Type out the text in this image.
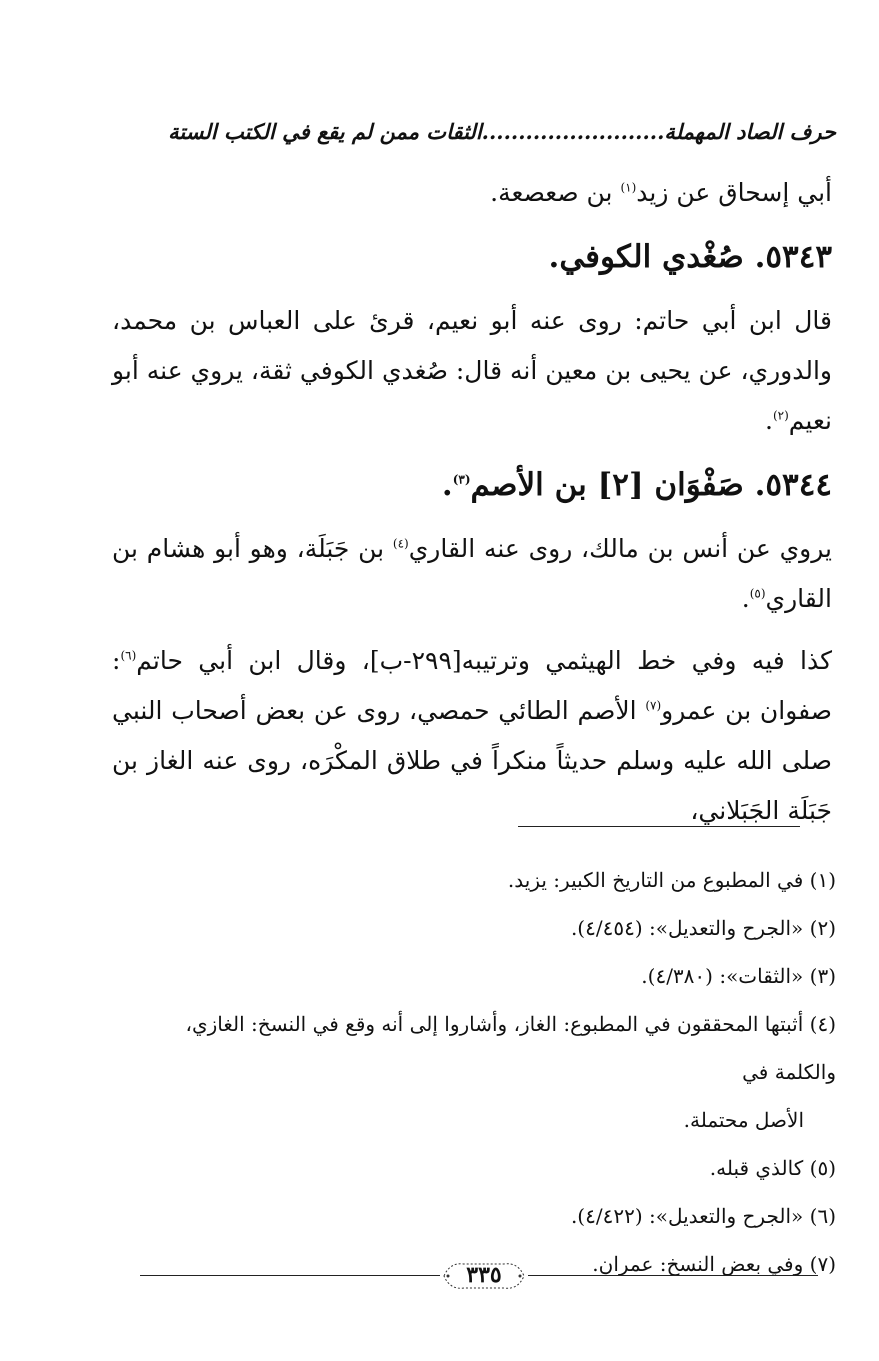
حرف الصاد المهملة.........................الثقات ممن لم يقع في الكتب الستة

أبي إسحاق عن زيد$^{(١)}$ بن صعصعة.

٥٣٤٣. صُغْدي الكوفي.

قال ابن أبي حاتم: روى عنه أبو نعيم، قرئ على العباس بن محمد، والدوري، عن يحيى بن معين أنه قال: صُغدي الكوفي ثقة، يروي عنه أبو نعيم$^{(٢)}$.

٥٣٤٤. صَفْوَان [٢] بن الأصم$^{(٣)}$.

يروي عن أنس بن مالك، روى عنه القاري$^{(٤)}$ بن جَبَلَة، وهو أبو هشام بن القاري$^{(٥)}$.

كذا فيه وفي خط الهيثمي وترتيبه[٢٩٩-ب]، وقال ابن أبي حاتم$^{(٦)}$: صفوان بن عمرو$^{(٧)}$ الأصم الطائي حمصي، روى عن بعض أصحاب النبي صلى الله عليه وسلم حديثاً منكراً في طلاق المكْرَه، روى عنه الغاز بن جَبَلَة الجَبَلاني،

(١) في المطبوع من التاريخ الكبير: يزيد.

(٢) «الجرح والتعديل»: (٤/٤٥٤).

(٣) «الثقات»: (٤/٣٨٠).

(٤) أثبتها المحققون في المطبوع: الغاز، وأشاروا إلى أنه وقع في النسخ: الغازي، والكلمة في

الأصل محتملة.

(٥) كالذي قبله.

(٦) «الجرح والتعديل»: (٤/٤٢٢).

(٧) وفي بعض النسخ: عمران.

٣٣٥
